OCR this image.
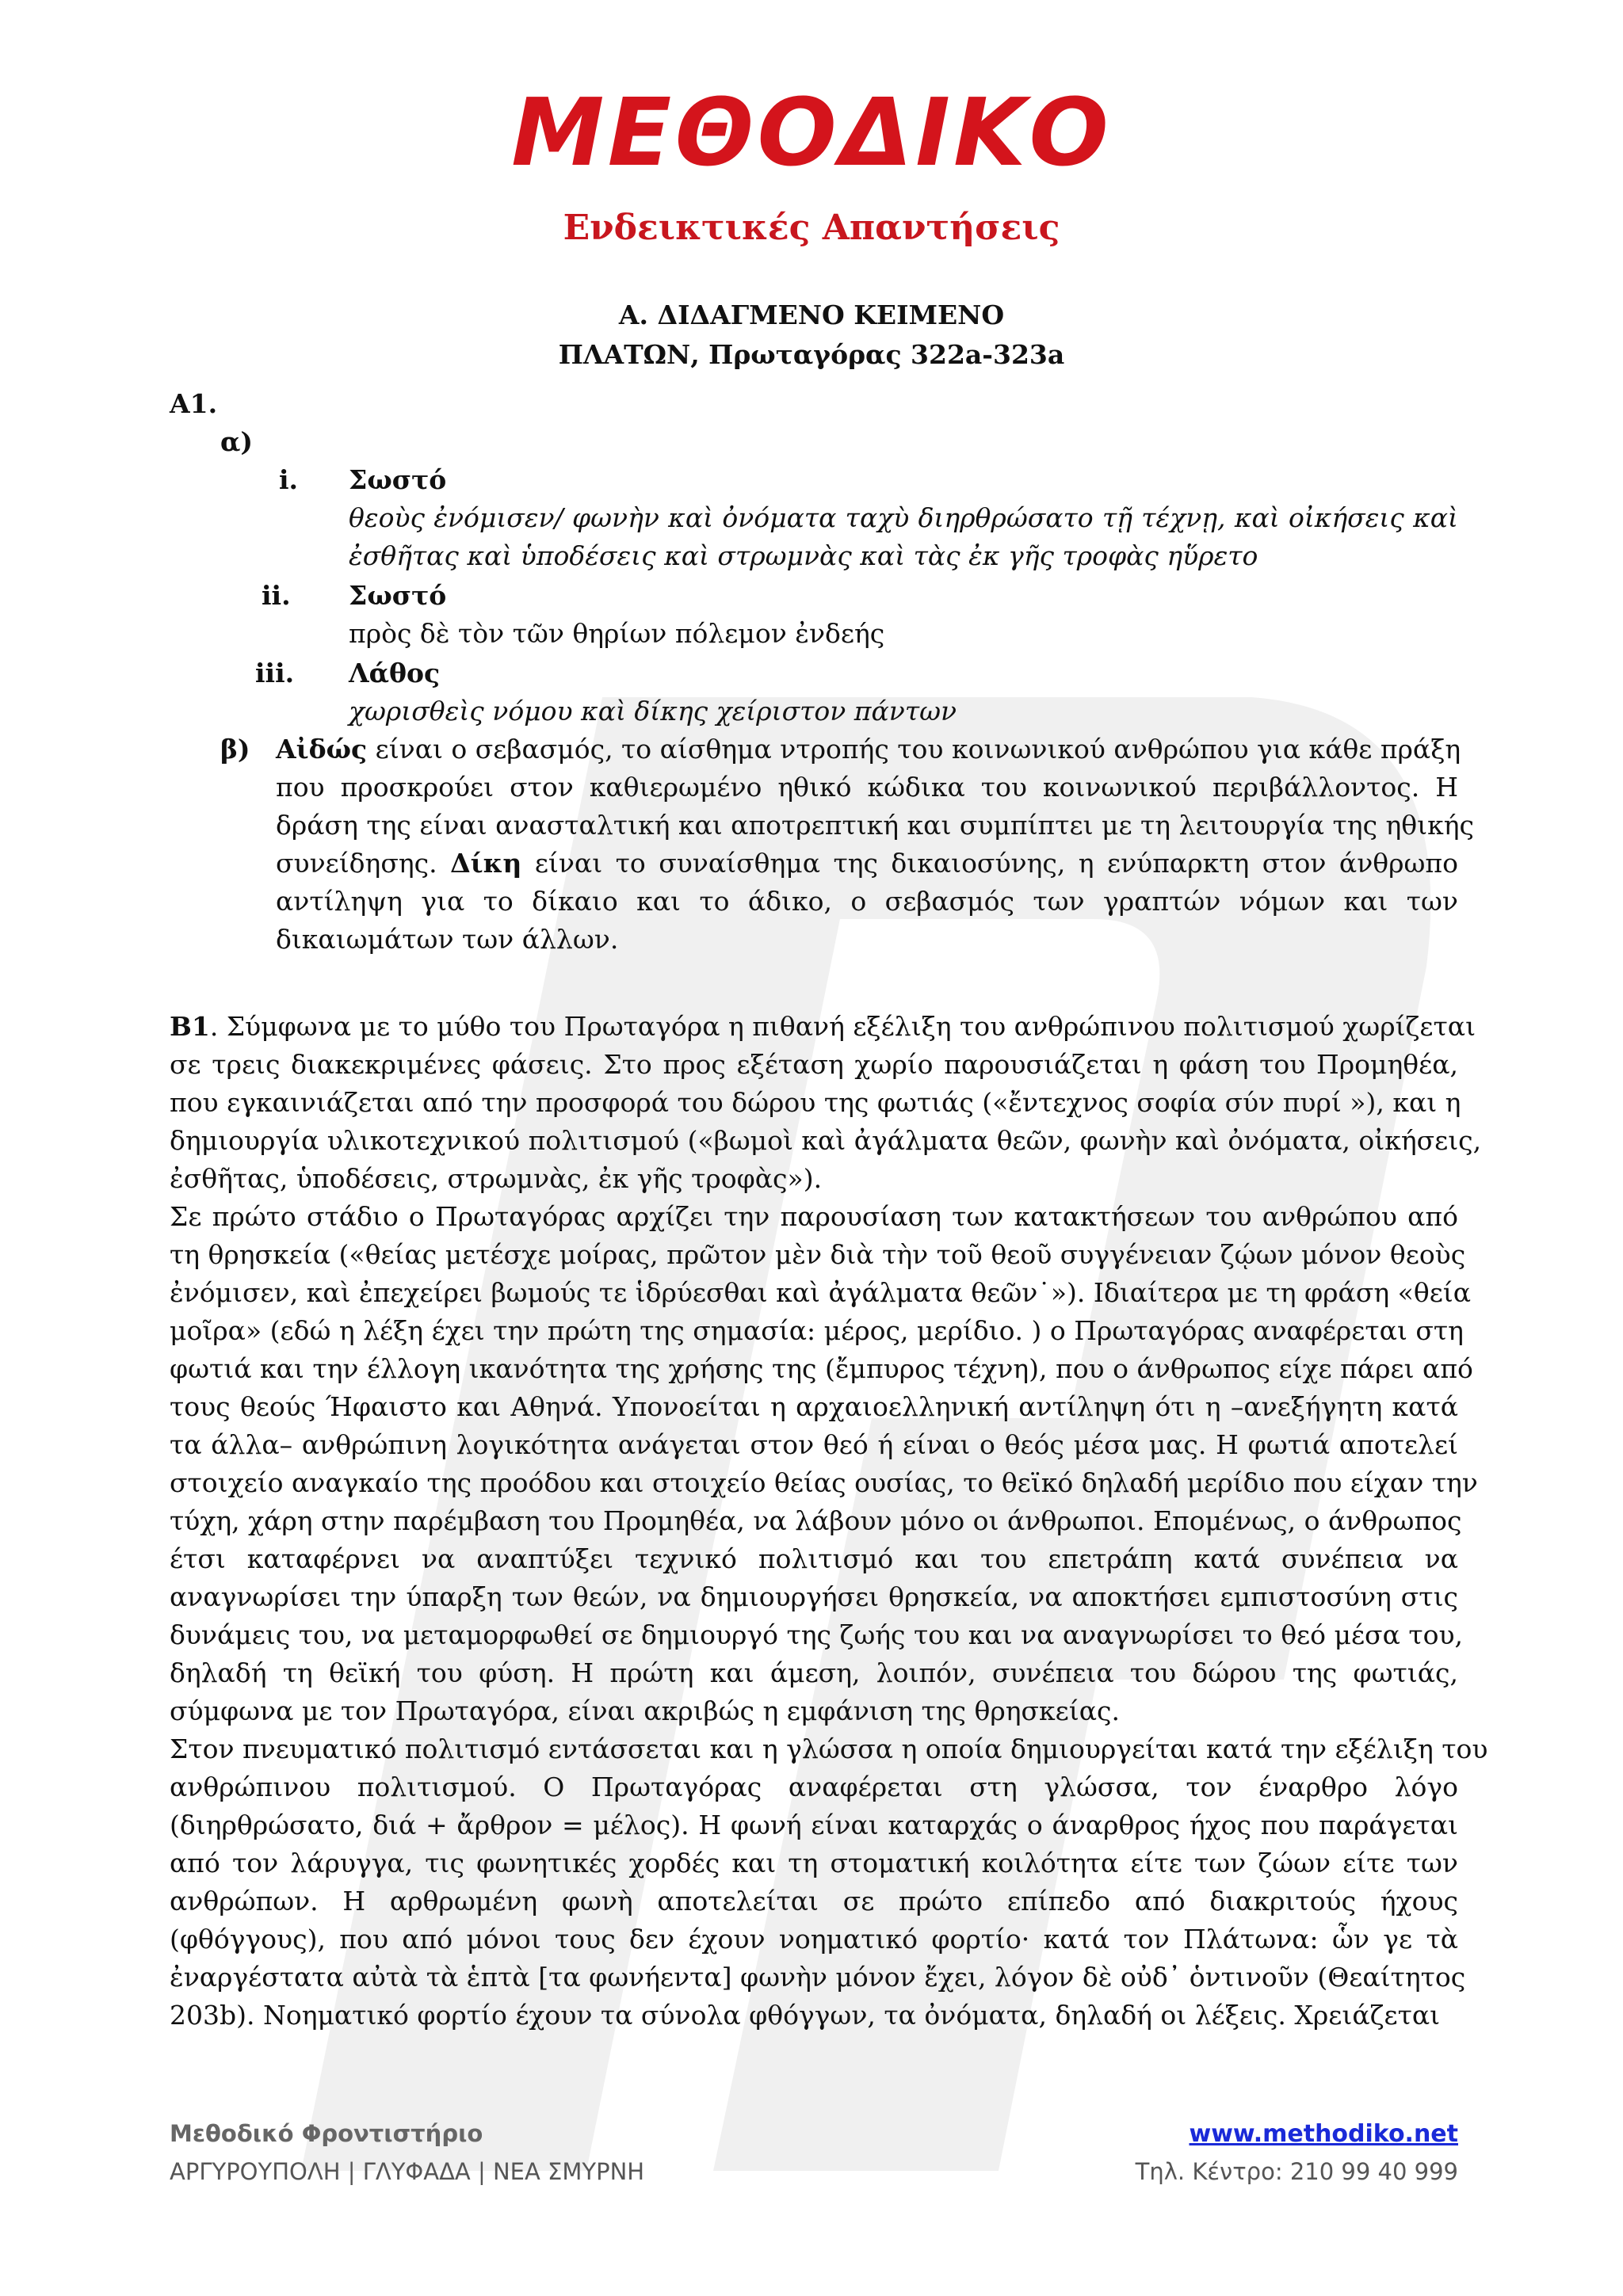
ΜΕΘΟΔΙΚΟ
Ενδεικτικές Απαντήσεις
Α. ΔΙΔΑΓΜΕΝΟ ΚΕΙΜΕΝΟ
ΠΛΑΤΩΝ, Πρωταγόρας 322a-323a
Α1.
α)
i. Σωστό
θεοὺς ἐνόμισεν/ φωνὴν καὶ ὀνόματα ταχὺ διηρθρώσατο τῇ τέχνῃ, καὶ οἰκήσεις καὶ
ἐσθῆτας καὶ ὑποδέσεις καὶ στρωμνὰς καὶ τὰς ἐκ γῆς τροφὰς ηὕρετο
ii. Σωστό
πρὸς δὲ τὸν τῶν θηρίων πόλεμον ἐνδεής
iii. Λάθος
χωρισθεὶς νόμου καὶ δίκης χείριστον πάντων
β) Αἰδώς είναι ο σεβασμός, το αίσθημα ντροπής του κοινωνικού ανθρώπου για κάθε πράξη
που προσκρούει στον καθιερωμένο ηθικό κώδικα του κοινωνικού περιβάλλοντος. Η
δράση της είναι ανασταλτική και αποτρεπτική και συμπίπτει με τη λειτουργία της ηθικής
συνείδησης. Δίκη είναι το συναίσθημα της δικαιοσύνης, η ενύπαρκτη στον άνθρωπο
αντίληψη για το δίκαιο και το άδικο, ο σεβασμός των γραπτών νόμων και των
δικαιωμάτων των άλλων.
Β1. Σύμφωνα με το μύθο του Πρωταγόρα η πιθανή εξέλιξη του ανθρώπινου πολιτισμού χωρίζεται
σε τρεις διακεκριμένες φάσεις. Στο προς εξέταση χωρίο παρουσιάζεται η φάση του Προμηθέα,
που εγκαινιάζεται από την προσφορά του δώρου της φωτιάς («ἔντεχνος σοφία σύν πυρί »), και η
δημιουργία υλικοτεχνικού πολιτισμού («βωμοὶ καὶ ἀγάλματα θεῶν, φωνὴν καὶ ὀνόματα, οἰκήσεις,
ἐσθῆτας, ὑποδέσεις, στρωμνὰς, ἐκ γῆς τροφὰς»).
Σε πρώτο στάδιο ο Πρωταγόρας αρχίζει την παρουσίαση των κατακτήσεων του ανθρώπου από
τη θρησκεία («θείας μετέσχε μοίρας, πρῶτον μὲν διὰ τὴν τοῦ θεοῦ συγγένειαν ζῴων μόνον θεοὺς
ἐνόμισεν, καὶ ἐπεχείρει βωμούς τε ἱδρύεσθαι καὶ ἀγάλματα θεῶν˙»). Ιδιαίτερα με τη φράση «θεία
μοῖρα» (εδώ η λέξη έχει την πρώτη της σημασία: μέρος, μερίδιο. ) ο Πρωταγόρας αναφέρεται στη
φωτιά και την έλλογη ικανότητα της χρήσης της (ἔμπυρος τέχνη), που ο άνθρωπος είχε πάρει από
τους θεούς Ήφαιστο και Αθηνά. Υπονοείται η αρχαιοελληνική αντίληψη ότι η –ανεξήγητη κατά
τα άλλα– ανθρώπινη λογικότητα ανάγεται στον θεό ή είναι ο θεός μέσα μας. Η φωτιά αποτελεί
στοιχείο αναγκαίο της προόδου και στοιχείο θείας ουσίας, το θεϊκό δηλαδή μερίδιο που είχαν την
τύχη, χάρη στην παρέμβαση του Προμηθέα, να λάβουν μόνο οι άνθρωποι. Επομένως, ο άνθρωπος
έτσι καταφέρνει να αναπτύξει τεχνικό πολιτισμό και του επετράπη κατά συνέπεια να
αναγνωρίσει την ύπαρξη των θεών, να δημιουργήσει θρησκεία, να αποκτήσει εμπιστοσύνη στις
δυνάμεις του, να μεταμορφωθεί σε δημιουργό της ζωής του και να αναγνωρίσει το θεό μέσα του,
δηλαδή τη θεϊκή του φύση. Η πρώτη και άμεση, λοιπόν, συνέπεια του δώρου της φωτιάς,
σύμφωνα με τον Πρωταγόρα, είναι ακριβώς η εμφάνιση της θρησκείας.
Στον πνευματικό πολιτισμό εντάσσεται και η γλώσσα η οποία δημιουργείται κατά την εξέλιξη του
ανθρώπινου πολιτισμού. Ο Πρωταγόρας αναφέρεται στη γλώσσα, τον έναρθρο λόγο
(διηρθρώσατο, διά + ἄρθρον = μέλος). Η φωνή είναι καταρχάς ο άναρθρος ήχος που παράγεται
από τον λάρυγγα, τις φωνητικές χορδές και τη στοματική κοιλότητα είτε των ζώων είτε των
ανθρώπων. Η αρθρωμένη φωνὴ αποτελείται σε πρώτο επίπεδο από διακριτούς ήχους
(φθόγγους), που από μόνοι τους δεν έχουν νοηματικό φορτίο· κατά τον Πλάτωνα: ὧν γε τὰ
ἐναργέστατα αὐτὰ τὰ ἑπτὰ [τα φωνήεντα] φωνὴν μόνον ἔχει, λόγον δὲ οὐδ᾽ ὁντινοῦν (Θεαίτητος
203b). Νοηματικό φορτίο έχουν τα σύνολα φθόγγων, τα ὀνόματα, δηλαδή οι λέξεις. Χρειάζεται
Μεθοδικό Φροντιστήριο
ΑΡΓΥΡΟΥΠΟΛΗ | ΓΛΥΦΑΔΑ | ΝΕΑ ΣΜΥΡΝΗ
www.methodiko.net
Τηλ. Κέντρο: 210 99 40 999
